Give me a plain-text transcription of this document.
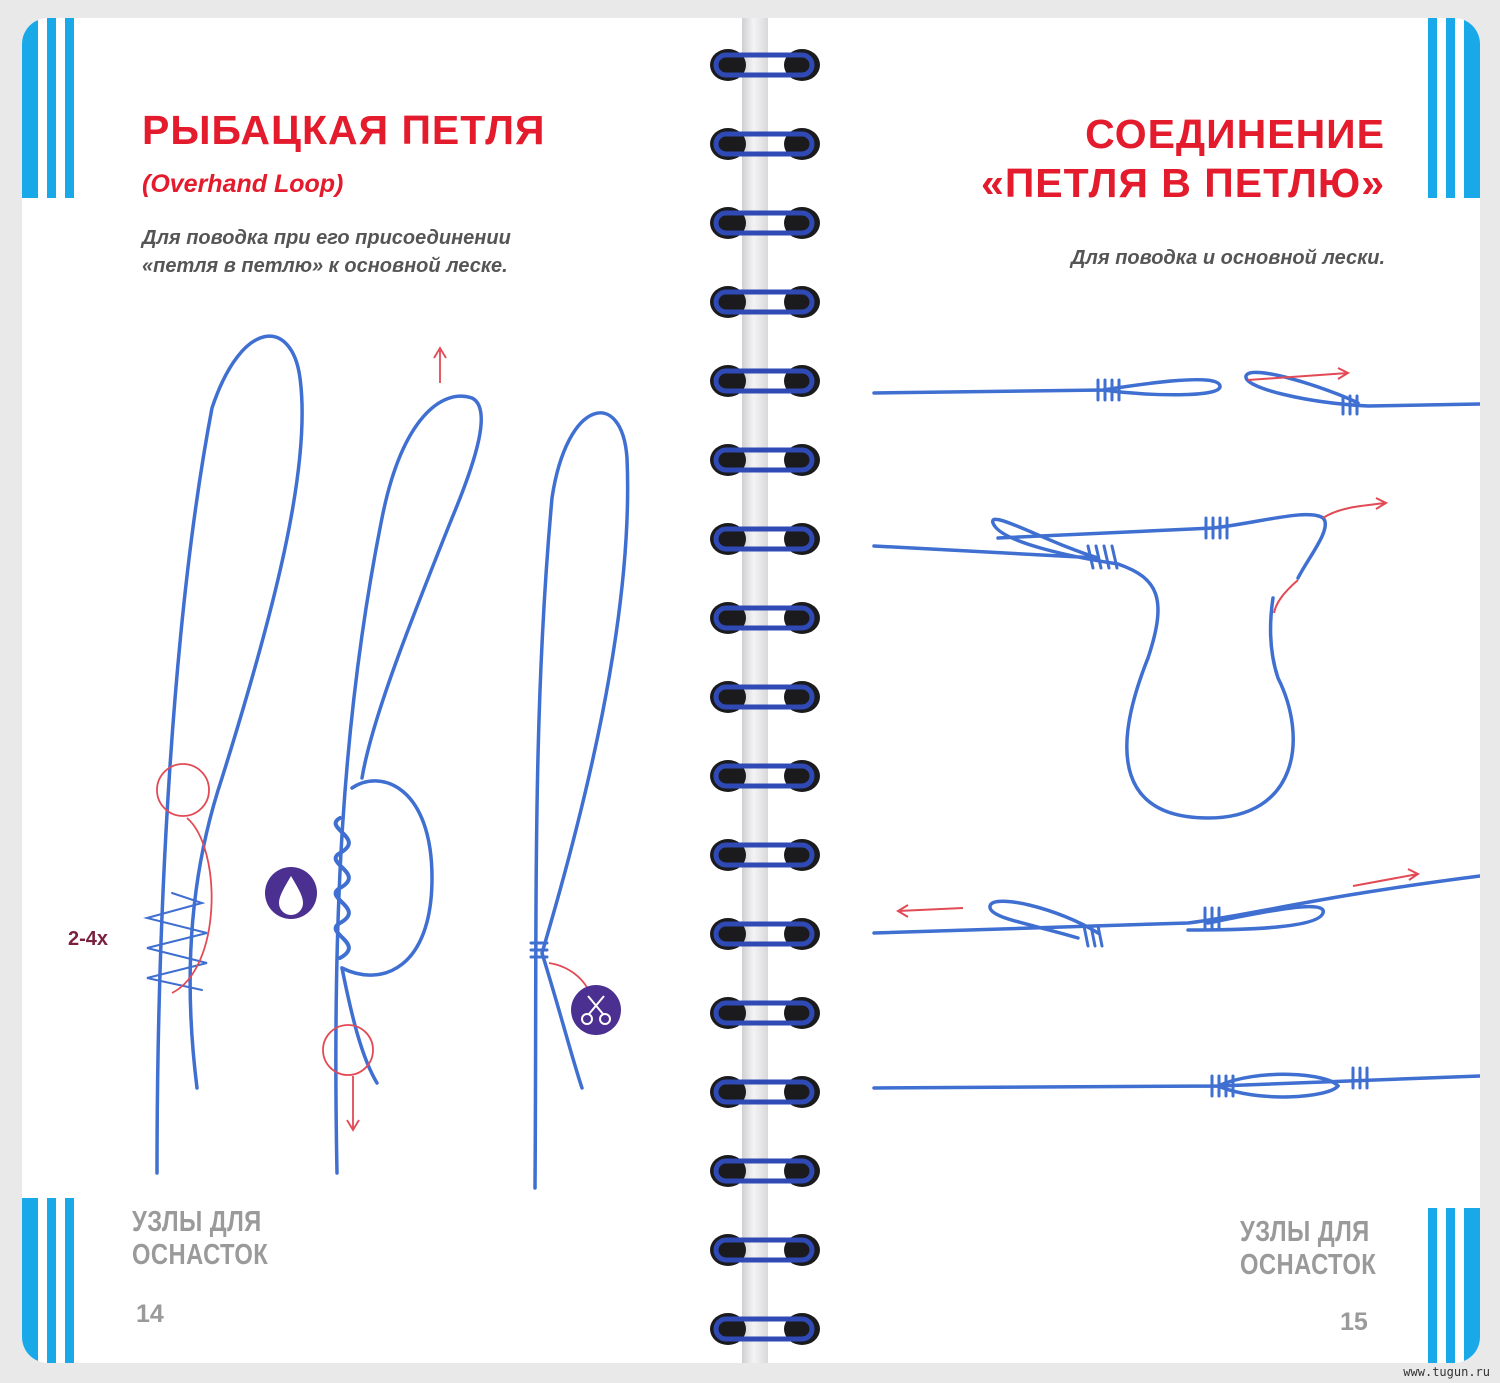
РЫБАЦКАЯ ПЕТЛЯ

(Overhand Loop)

Для поводка при его присоединении
«петля в петлю» к основной леске.

2-4x
УЗЛЫ ДЛЯ
ОСНАСТОК
14
СОЕДИНЕНИЕ
«ПЕТЛЯ В ПЕТЛЮ»

Для поводка и основной лески.

УЗЛЫ ДЛЯ
ОСНАСТОК
15
www.tugun.ru
